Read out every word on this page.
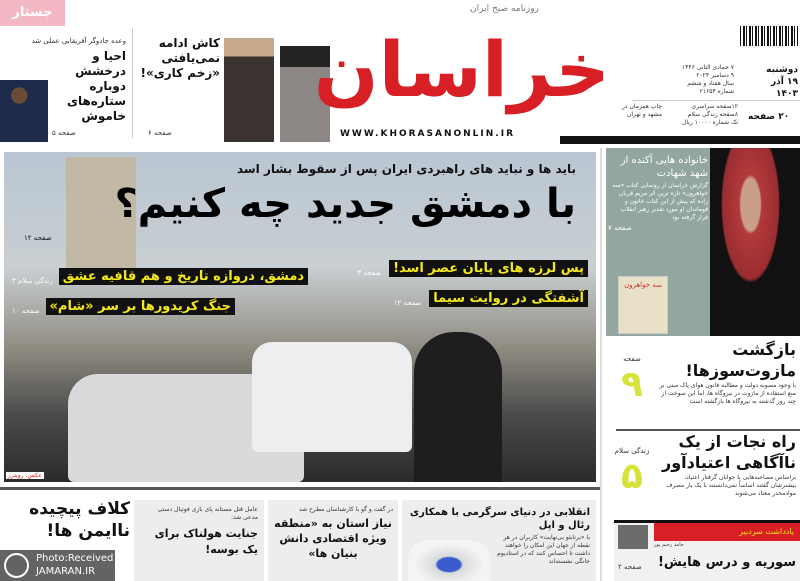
جستار
وعده جادوگر آفریقایی عملی شد
احیا و درخشش دوباره ستاره‌های خاموش
صفحه ۵
کاش ادامه نمی‌یافتی «زخم کاری»!
صفحه ۶
روزنامه صبح ایران
خراسان
WWW.KHORASANONLIN.IR
دوشنبه
۱۹ آذر
۱۴۰۳
۷ جمادی الثانی ۱۴۴۶
۹ دسامبر ۲۰۲۴
سال هفتاد و ششم
شماره ۲۱۶۵۴
۱۲صفحه سراسری
۸صفحه زندگی سلام
تک شماره ۱۰۰۰۰ ریال
چاپ همزمان در مشهد و تهران	۲۰ صفحه
باید ها و نباید های راهبردی ایران پس از سقوط بشار اسد
با دمشق جدید چه کنیم؟
صفحه ۱۲
پس لرزه های پایان عصر اسد!
صفحه ۳
آشفتگی در روایت سیما
صفحه ۱۲
زندگی سلام ۳ دمشق، دروازه تاریخ و هم قافیه عشق
صفحه ۱۰ جنگ کریدورها بر سر «شام»
عکس: رویترز
خانواده هایی آکنده از شهد شهادت
گزارش خراسان از رونمایی کتاب «سه خواهرون» تازه ترین اثر مریم قربان زاده که پیش از این کتاب خاتون و قوماندان او مورد تقدیر رهبر انقلاب قرار گرفته بود
صفحه ۷
سه خواهرون
بازگشت
مازوت‌سوزها!
با وجود مصوبه دولت و مطالبه قانون هوای پاک مبنی بر منع استفاده از مازوت در نیروگاه ها، اما این سوخت از چند روز گذشته به نیروگاه ها بازگشته است
صفحه
۹
راه نجات از یک
ناآگاهی اعتیادآور
براساس مصاحبه‌هایی با جوانان گرفتار اعتیاد، بیشترشان گفتند اساساً نمی‌دانستند با یک بار مصرف موادمخدر معتاد می‌شوند
زندگی سلام
۵
یادداشت سردبیر
حامد رحیم پور
سوریه و درس هایش!
صفحه ۲
انقلابی در دنیای سرگرمی با همکاری رئال و اپل
با «برنابئو بی‌نهایت» کاربران در هر نقطه از جهان این امکان را خواهند داشت تا احساس کنند که در استادیوم خانگی نشسته‌اند
در گفت و گو با کارشناسان مطرح شد
نیاز استان به «منطقه ویژه اقتصادی دانش بنیان ها»
عامل قتل مستانه پای بازی فوتبال دستی مدعی شد:
جنایت هولناک برای یک بوسه!
کلاف پیچیده ناایمن ها!
Photo:Received
JAMARAN.IR
